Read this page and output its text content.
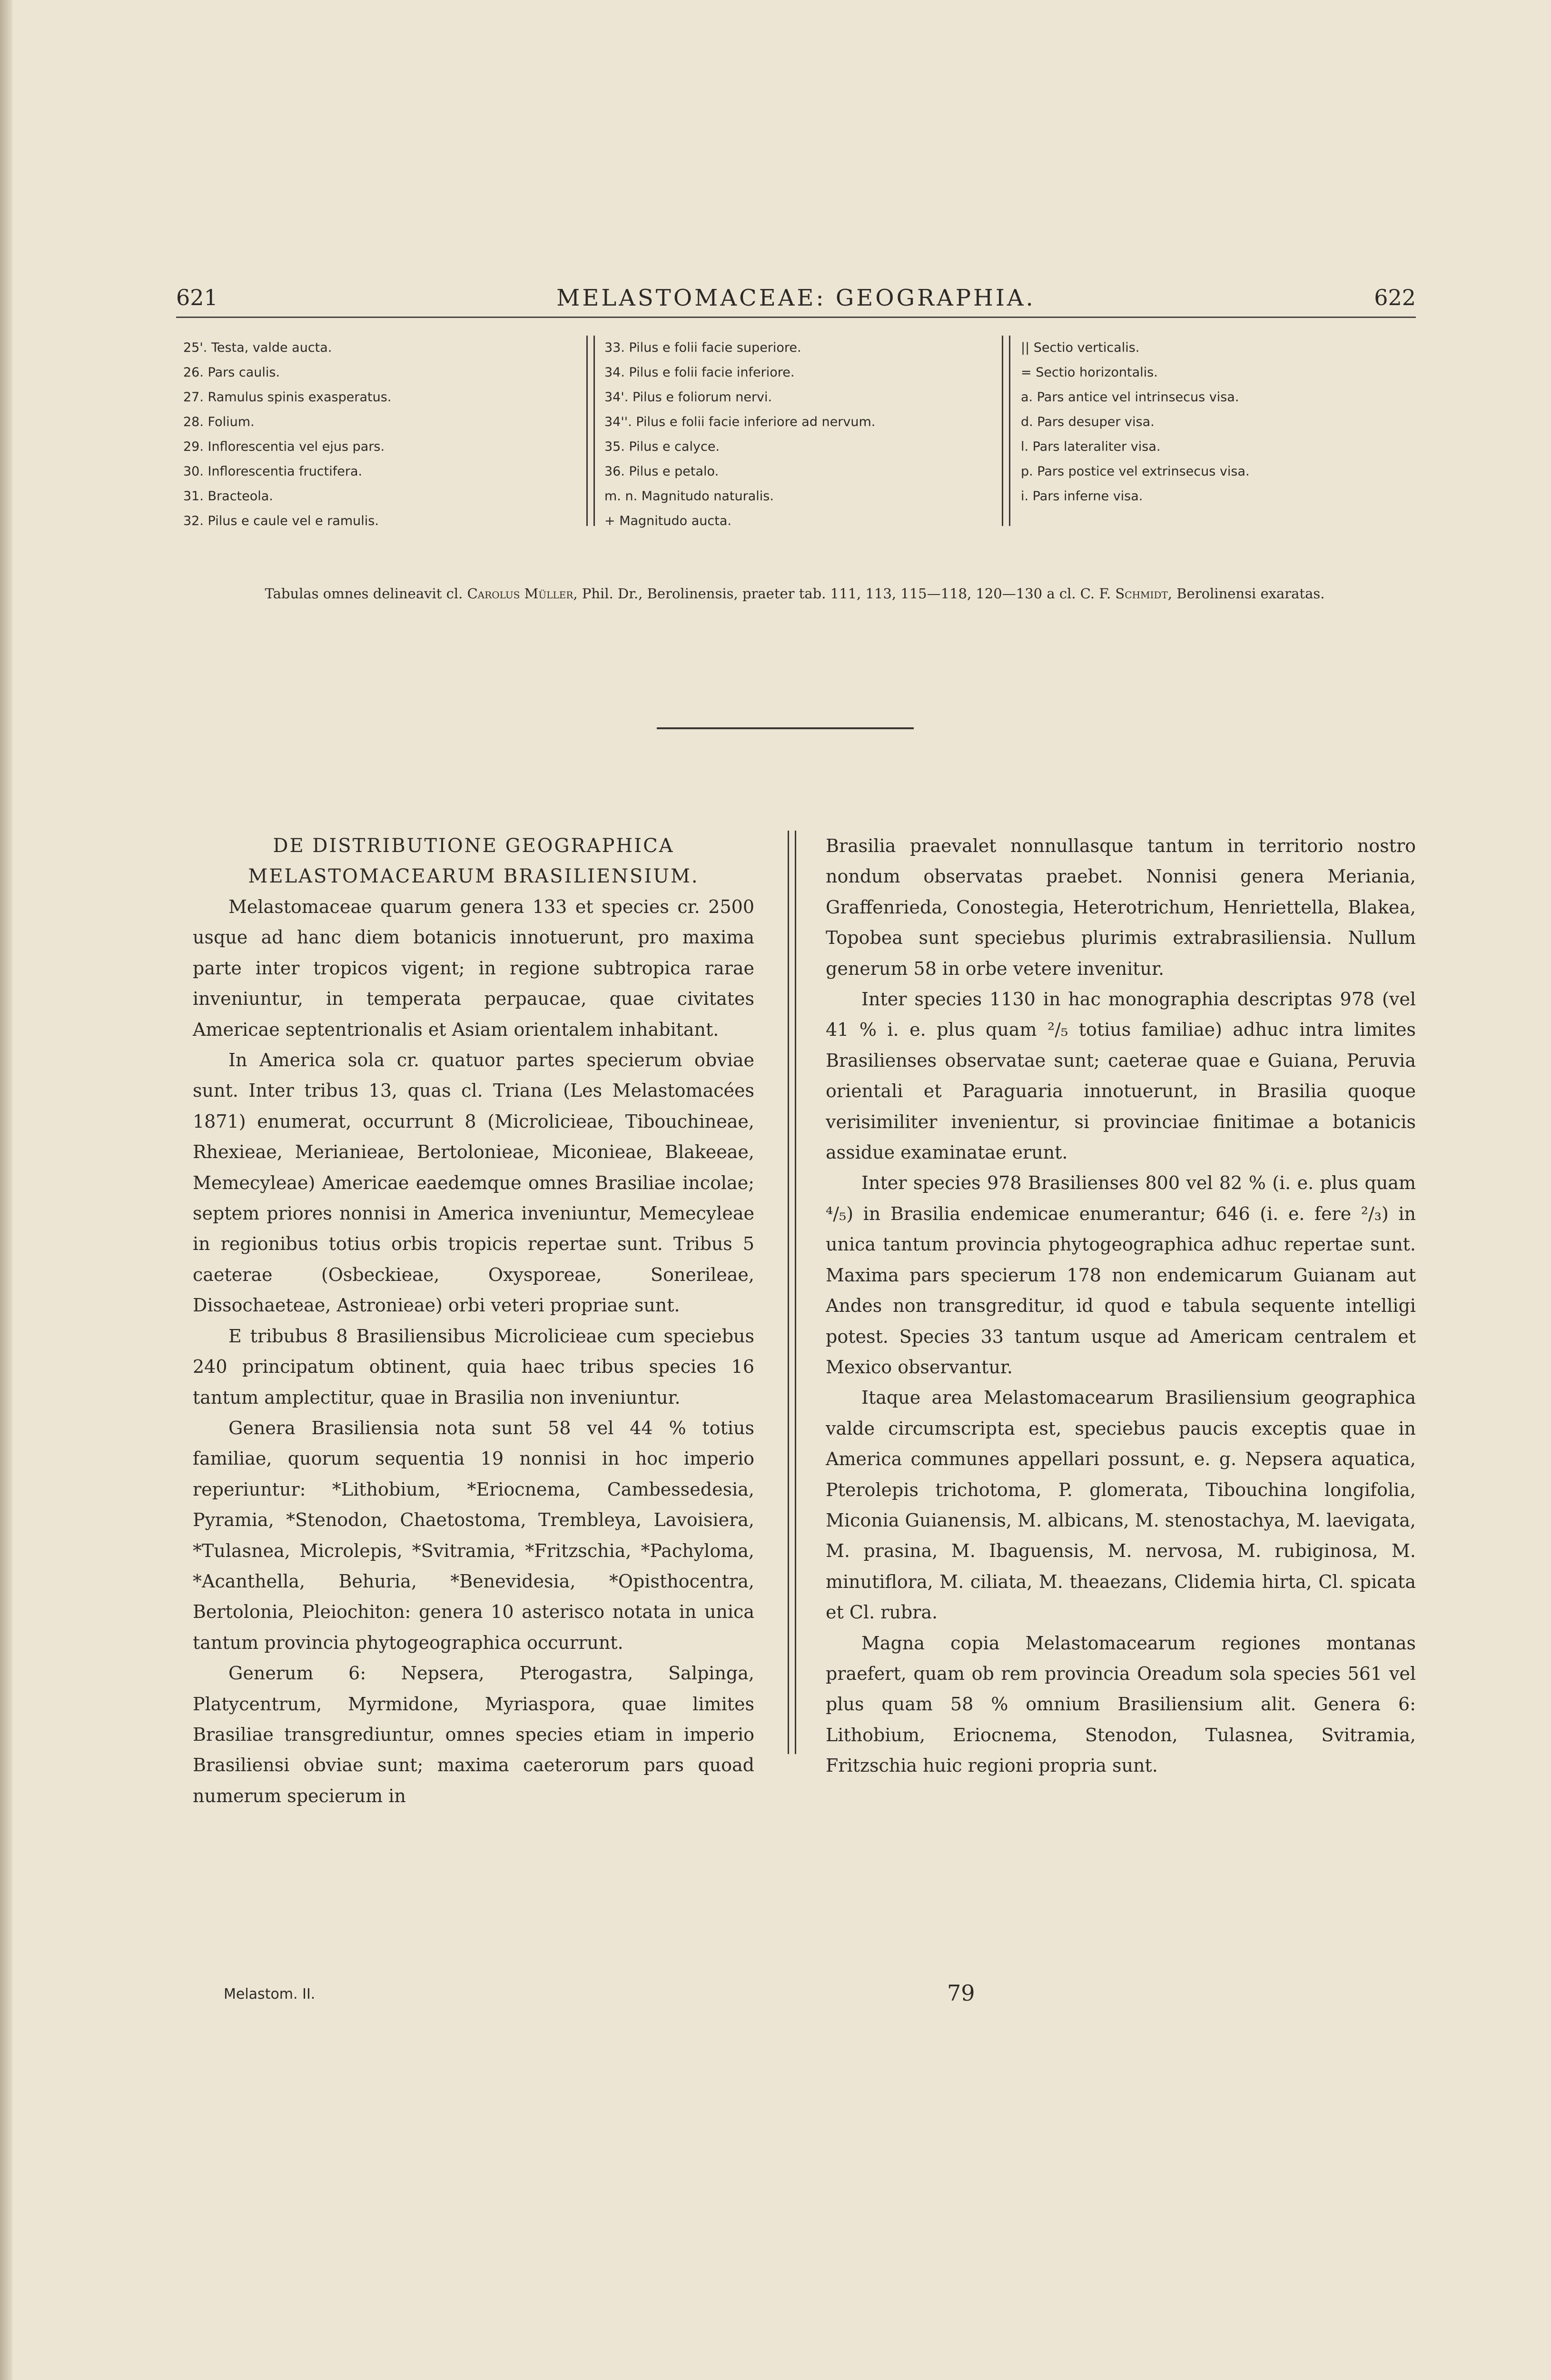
621	MELASTOMACEAE: GEOGRAPHIA.	622
25'. Testa, valde aucta.
26. Pars caulis.
27. Ramulus spinis exasperatus.
28. Folium.
29. Inflorescentia vel ejus pars.
30. Inflorescentia fructifera.
31. Bracteola.
32. Pilus e caule vel e ramulis.
33. Pilus e folii facie superiore.
34. Pilus e folii facie inferiore.
34'. Pilus e foliorum nervi.
34''. Pilus e folii facie inferiore ad nervum.
35. Pilus e calyce.
36. Pilus e petalo.
m. n. Magnitudo naturalis.
+ Magnitudo aucta.
|| Sectio verticalis.
= Sectio horizontalis.
a. Pars antice vel intrinsecus visa.
d. Pars desuper visa.
l. Pars lateraliter visa.
p. Pars postice vel extrinsecus visa.
i. Pars inferne visa.
Tabulas omnes delineavit cl. Carolus Müller, Phil. Dr., Berolinensis, praeter tab. 111, 113, 115—118, 120—130 a cl. C. F. Schmidt, Berolinensi exaratas.
DE DISTRIBUTIONE GEOGRAPHICA MELASTOMACEARUM BRASILIENSIUM.

Melastomaceae quarum genera 133 et species cr. 2500 usque ad hanc diem botanicis innotuerunt, pro maxima parte inter tropicos vigent; in regione subtropica rarae inveniuntur, in temperata perpaucae, quae civitates Americae septentrionalis et Asiam orientalem inhabitant.

In America sola cr. quatuor partes specierum obviae sunt. Inter tribus 13, quas cl. Triana (Les Melastomacées 1871) enumerat, occurrunt 8 (Microlicieae, Tibouchineae, Rhexieae, Merianieae, Bertolonieae, Miconieae, Blakeeae, Memecyleae) Americae eaedemque omnes Brasiliae incolae; septem priores nonnisi in America inveniuntur, Memecyleae in regionibus totius orbis tropicis repertae sunt. Tribus 5 caeterae (Osbeckieae, Oxysporeae, Sonerileae, Dissochaeteae, Astronieae) orbi veteri propriae sunt.

E tribubus 8 Brasiliensibus Microlicieae cum speciebus 240 principatum obtinent, quia haec tribus species 16 tantum amplectitur, quae in Brasilia non inveniuntur.

Genera Brasiliensia nota sunt 58 vel 44 % totius familiae, quorum sequentia 19 nonnisi in hoc imperio reperiuntur: *Lithobium, *Eriocnema, Cambessedesia, Pyramia, *Stenodon, Chaetostoma, Trembleya, Lavoisiera, *Tulasnea, Microlepis, *Svitramia, *Fritzschia, *Pachyloma, *Acanthella, Behuria, *Benevidesia, *Opisthocentra, Bertolonia, Pleiochiton: genera 10 asterisco notata in unica tantum provincia phytogeographica occurrunt.

Generum 6: Nepsera, Pterogastra, Salpinga, Platycentrum, Myrmidone, Myriaspora, quae limites Brasiliae transgrediuntur, omnes species etiam in imperio Brasiliensi obviae sunt; maxima caeterorum pars quoad numerum specierum in

Brasilia praevalet nonnullasque tantum in territorio nostro nondum observatas praebet. Nonnisi genera Meriania, Graffenrieda, Conostegia, Heterotrichum, Henriettella, Blakea, Topobea sunt speciebus plurimis extrabrasiliensia. Nullum generum 58 in orbe vetere invenitur.

Inter species 1130 in hac monographia descriptas 978 (vel 41 % i. e. plus quam ²/₅ totius familiae) adhuc intra limites Brasilienses observatae sunt; caeterae quae e Guiana, Peruvia orientali et Paraguaria innotuerunt, in Brasilia quoque verisimiliter invenientur, si provinciae finitimae a botanicis assidue examinatae erunt.

Inter species 978 Brasilienses 800 vel 82 % (i. e. plus quam ⁴/₅) in Brasilia endemicae enumerantur; 646 (i. e. fere ²/₃) in unica tantum provincia phytogeographica adhuc repertae sunt. Maxima pars specierum 178 non endemicarum Guianam aut Andes non transgreditur, id quod e tabula sequente intelligi potest. Species 33 tantum usque ad Americam centralem et Mexico observantur.

Itaque area Melastomacearum Brasiliensium geographica valde circumscripta est, speciebus paucis exceptis quae in America communes appellari possunt, e. g. Nepsera aquatica, Pterolepis trichotoma, P. glomerata, Tibouchina longifolia, Miconia Guianensis, M. albicans, M. stenostachya, M. laevigata, M. prasina, M. Ibaguensis, M. nervosa, M. rubiginosa, M. minutiflora, M. ciliata, M. theaezans, Clidemia hirta, Cl. spicata et Cl. rubra.

Magna copia Melastomacearum regiones montanas praefert, quam ob rem provincia Oreadum sola species 561 vel plus quam 58 % omnium Brasiliensium alit. Genera 6: Lithobium, Eriocnema, Stenodon, Tulasnea, Svitramia, Fritzschia huic regioni propria sunt.

Melastom. II.	79
